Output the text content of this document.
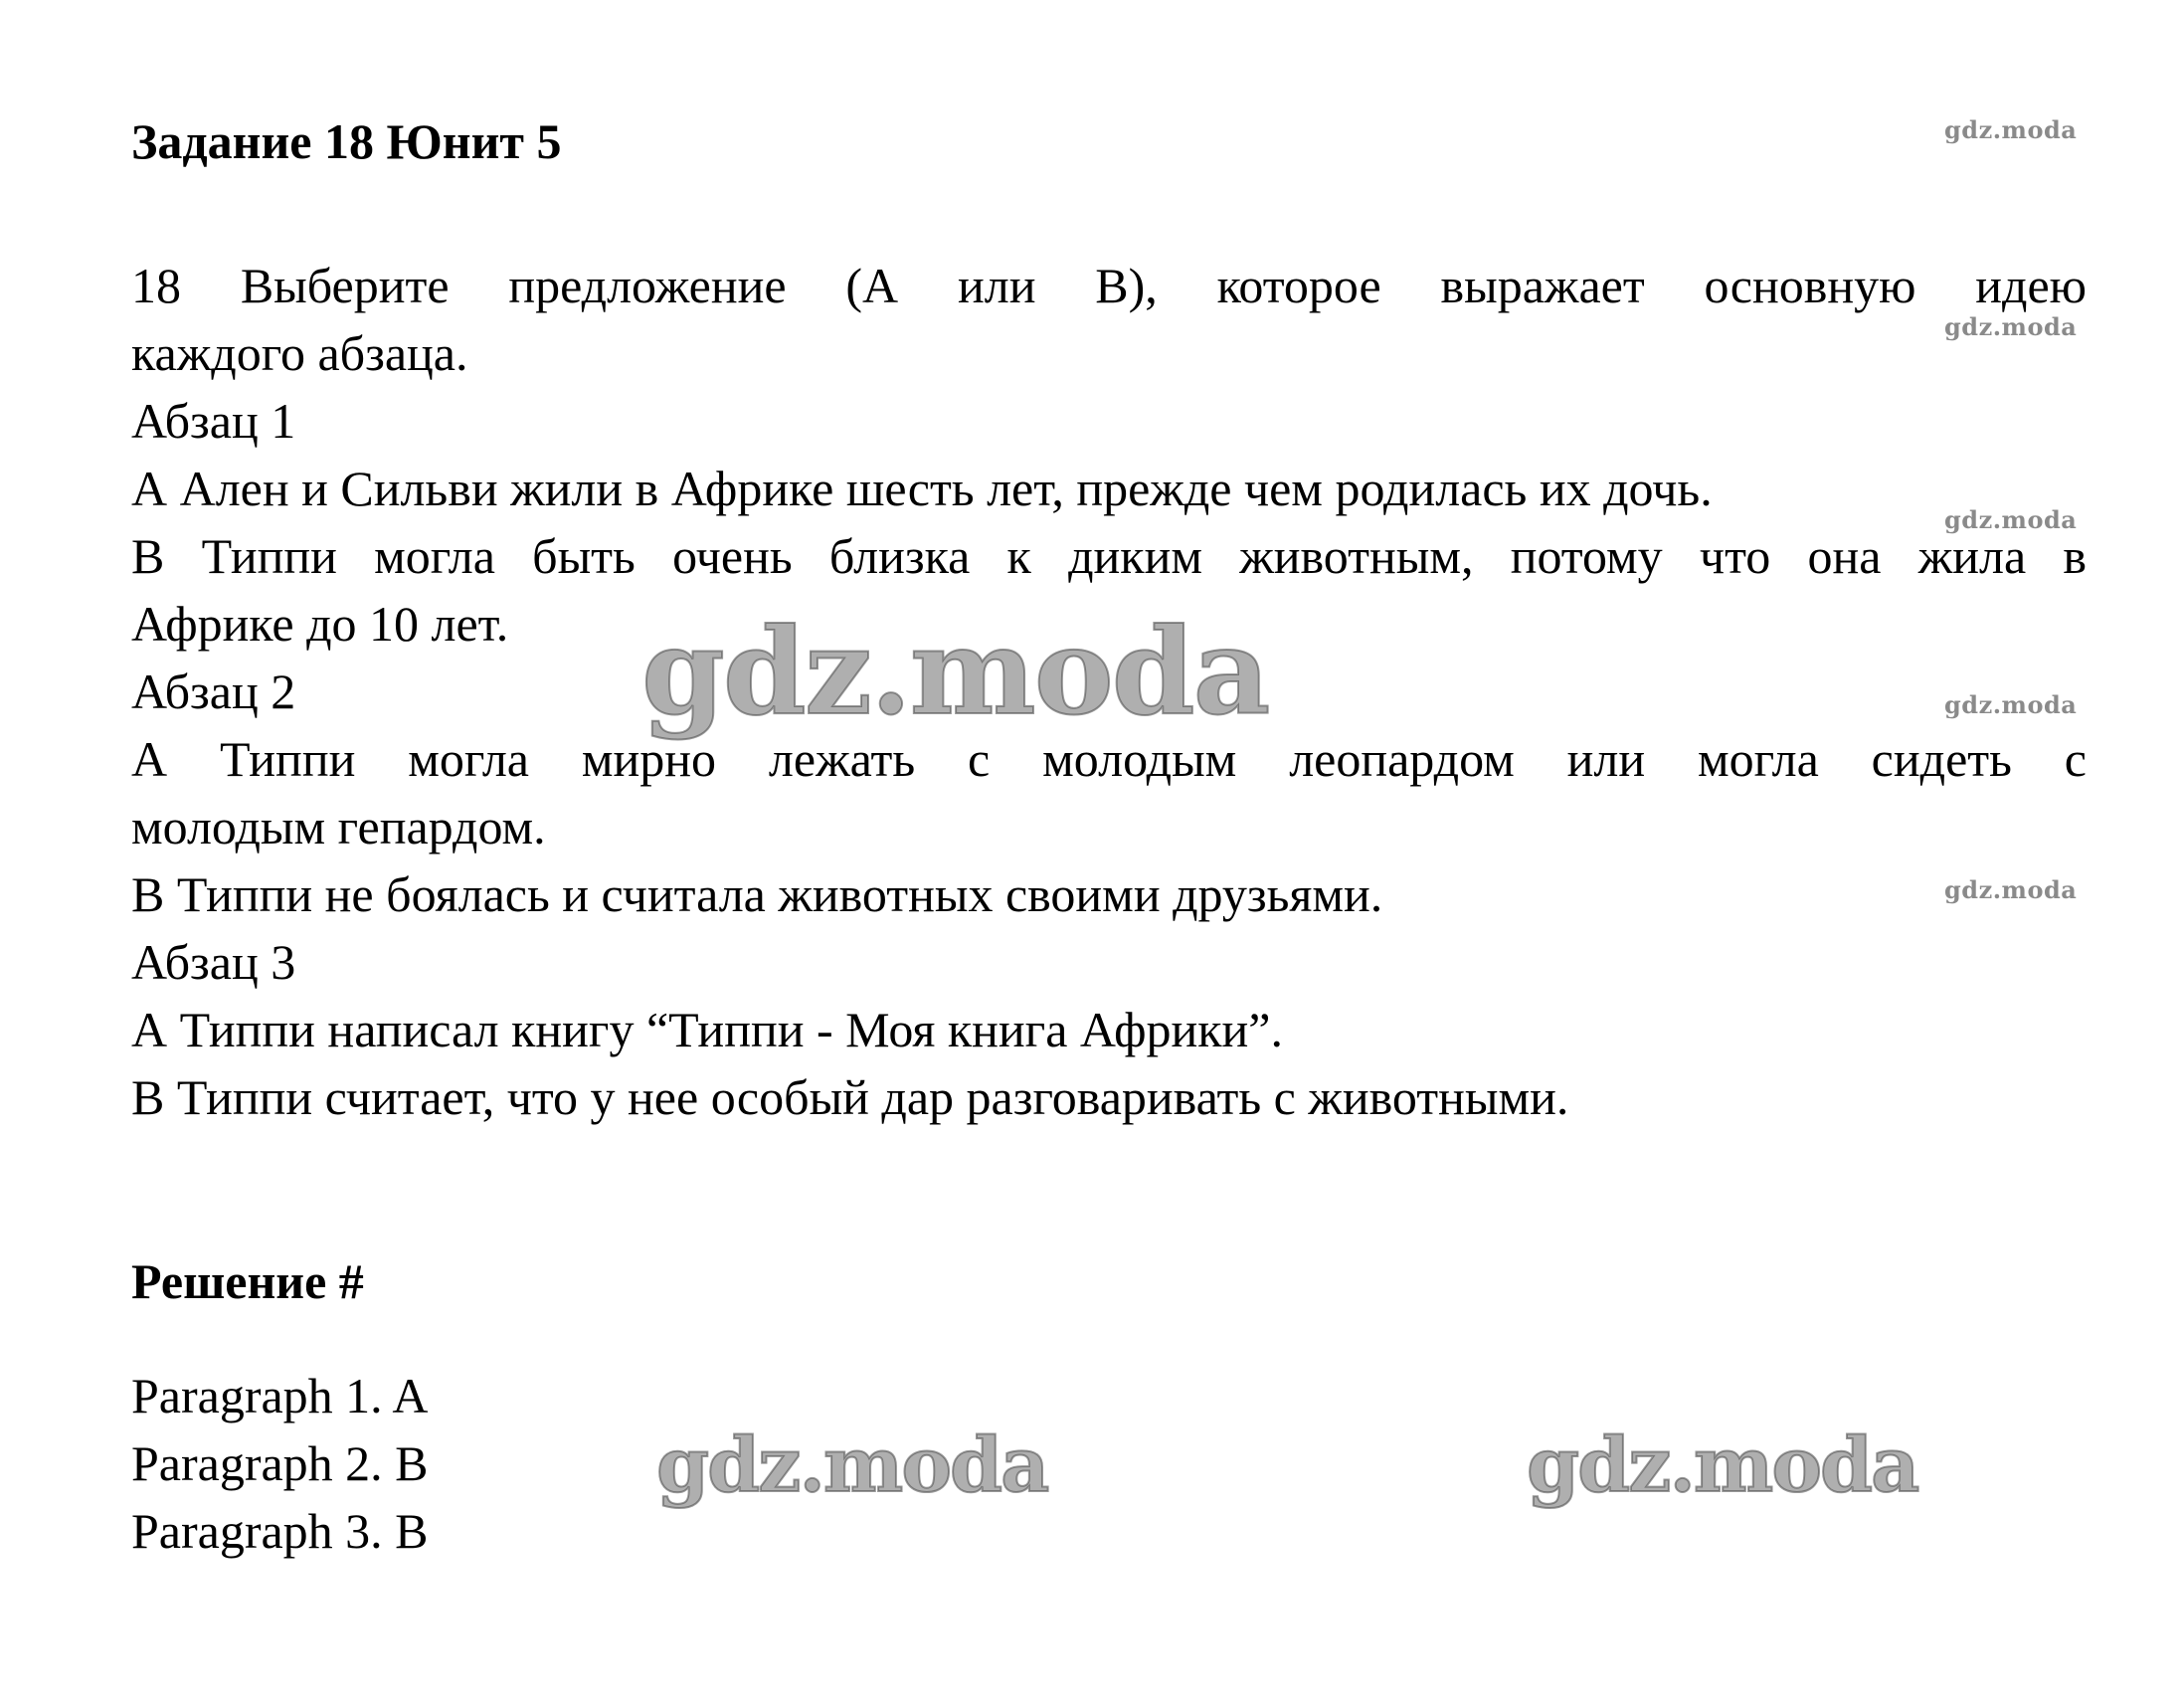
Задание 18 Юнит 5
18 Выберите предложение (А или В), которое выражает основную идею
каждого абзаца.
Абзац 1
А Ален и Сильви жили в Африке шесть лет, прежде чем родилась их дочь.
В Типпи могла быть очень близка к диким животным, потому что она жила в
Африке до 10 лет.
Абзац 2
А Типпи могла мирно лежать с молодым леопардом или могла сидеть с
молодым гепардом.
В Типпи не боялась и считала животных своими друзьями.
Абзац 3
А Типпи написал книгу “Типпи - Моя книга Африки”.
В Типпи считает, что у нее особый дар разговаривать с животными.
Решение #
Paragraph 1. A
Paragraph 2. B
Paragraph 3. B
gdz.moda
gdz.moda
gdz.moda
gdz.moda
gdz.moda
gdz.moda
gdz.moda	gdz.moda
